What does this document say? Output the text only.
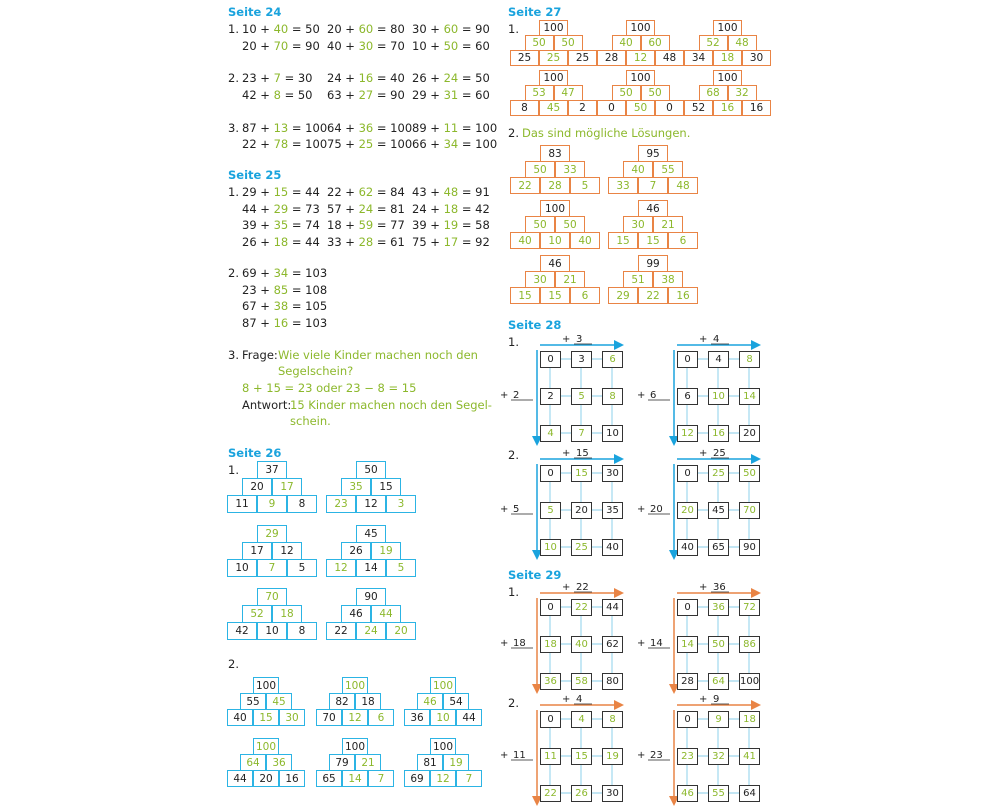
Seite 24
1. 10 + 40 = 50 20 + 60 = 80 30 + 60 = 90
20 + 70 = 90 40 + 30 = 70 10 + 50 = 60
2. 23 + 7 = 30 24 + 16 = 40 26 + 24 = 50
42 + 8 = 50 63 + 27 = 90 29 + 31 = 60
3. 87 + 13 = 100 64 + 36 = 100 89 + 11 = 100
22 + 78 = 100 75 + 25 = 100 66 + 34 = 100
Seite 25
1. 29 + 15 = 44 22 + 62 = 84 43 + 48 = 91
44 + 29 = 73 57 + 24 = 81 24 + 18 = 42
39 + 35 = 74 18 + 59 = 77 39 + 19 = 58
26 + 18 = 44 33 + 28 = 61 75 + 17 = 92
2. 69 + 34 = 103
23 + 85 = 108
67 + 38 = 105
87 + 16 = 103
3. Frage: Wie viele Kinder machen noch den
Segelschein?
8 + 15 = 23 oder 23 − 8 = 15
Antwort:
15 Kinder machen noch den Segel-
schein.
Seite 26
1.	37
20	17
11	9	8
50
35	15
23	12	3
29
17	12
10	7	5
45
26	19
12	14	5
70
52	18
42	10	8
90
46	44
22	24	20
2.
100
55	45
40	15	30
100
82	18
70	12	6
100
46	54
36	10	44
100
64	36
44	20	16
100
79	21
65	14	7
100
81	19
69	12	7
Seite 27
1.	100
50	50
25	25	25
100
40	60
28	12	48
100
52	48
34	18	30
100
53	47
8	45	2
100
50	50
0	50	0
100
68	32
52	16	16
2. Das sind mögliche Lösungen.
83
50	33
22	28	5
95
40	55
33	7	48
100
50	50
40	10	40
46
30	21
15	15	6
46
30	21
15	15	6
99
51	38
29	22	16
Seite 28
1.	+ 3
+ 2
0	3	6
2	5	8
4	7	10
+ 4
+ 6
0	4	8
6	10	14
12	16	20
2.	+ 15
+ 5
0	15	30
5	20	35
10	25	40
+ 25
+ 20
0	25	50
20	45	70
40	65	90
Seite 29
1.	+ 22
+ 18
0	22	44
18	40	62
36	58	80
+ 36
+ 14
0	36	72
14	50	86
28	64	100
2.	+ 4
+ 11
0	4	8
11	15	19
22	26	30
+ 9
+ 23
0	9	18
23	32	41
46	55	64
